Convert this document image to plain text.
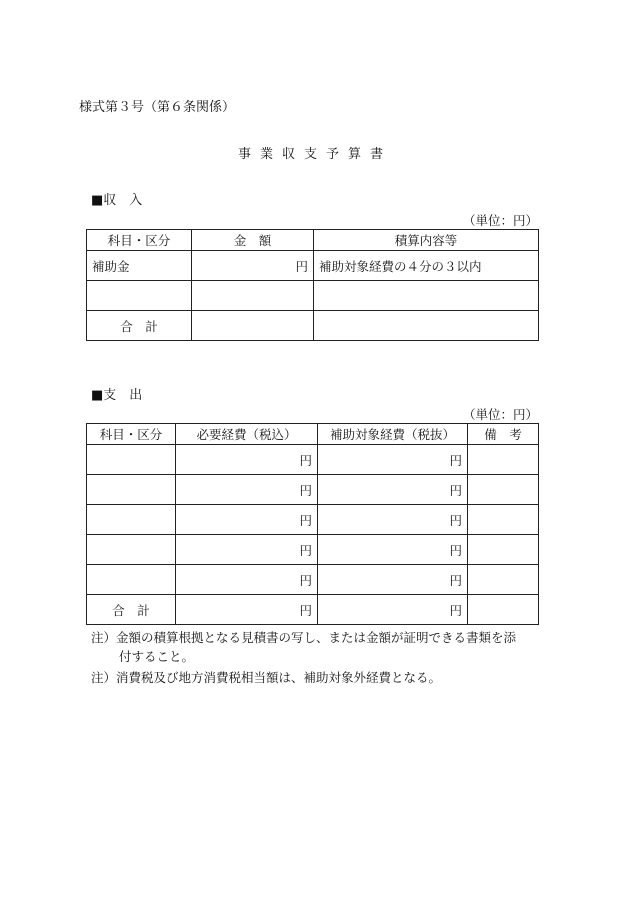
様式第３号（第６条関係）
事業収支予算書
■収　入
（単位：円）
科目・区分	金　額	積算内容等
補助金	円	補助対象経費の４分の３以内

合　計		
■支　出
（単位：円）
科目・区分	必要経費（税込）	補助対象経費（税抜）	備　考
	円	円	
	円	円	
	円	円	
	円	円	
	円	円	
合　計	円	円	
注）金額の積算根拠となる見積書の写し、または金額が証明できる書類を添
付すること。
注）消費税及び地方消費税相当額は、補助対象外経費となる。
